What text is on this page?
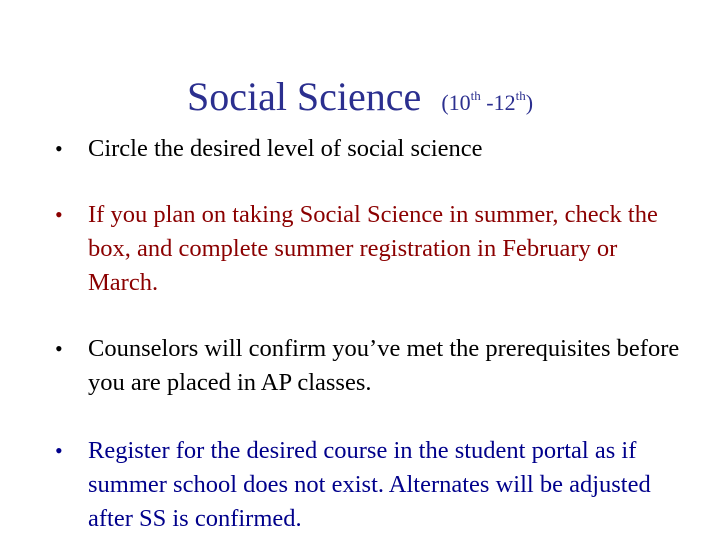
Social Science (10th -12th)
• Circle the desired level of social science
• If you plan on taking Social Science in summer, check the box, and complete summer registration in February or March.
• Counselors will confirm you’ve met the prerequisites before you are placed in AP classes.
• Register for the desired course in the student portal as if summer school does not exist. Alternates will be adjusted after SS is confirmed.
